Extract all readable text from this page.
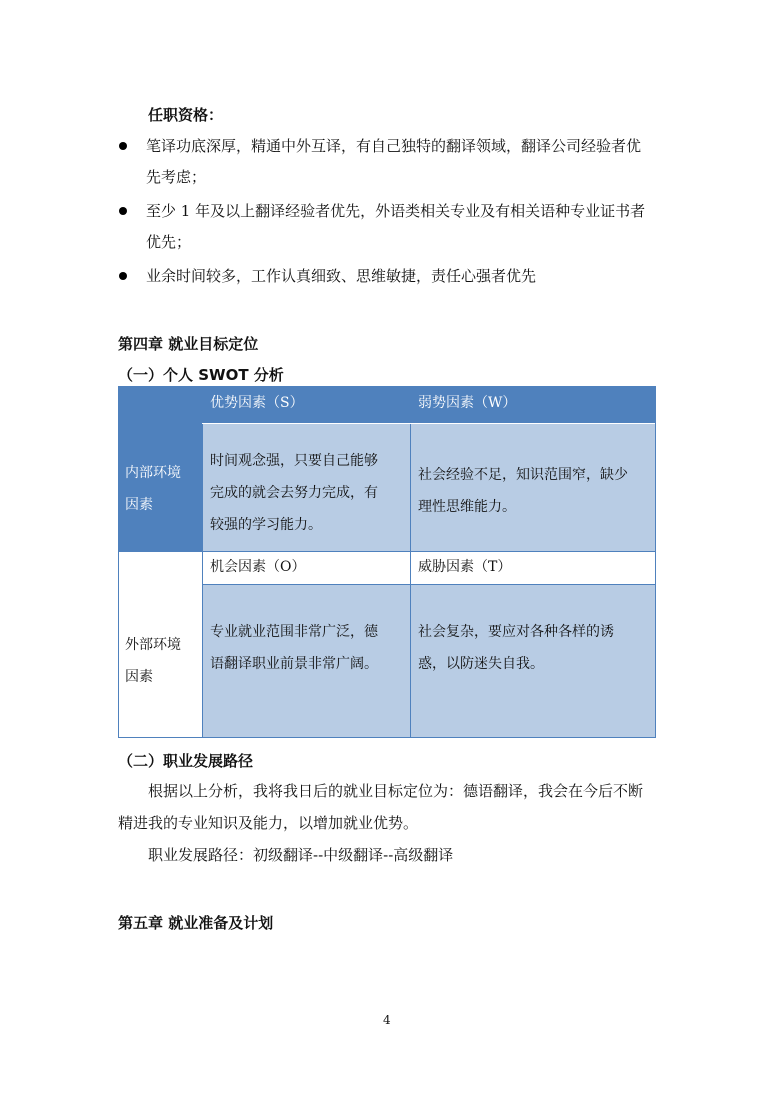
任职资格：
笔译功底深厚，精通中外互译，有自己独特的翻译领域，翻译公司经验者优
先考虑；
至少 1 年及以上翻译经验者优先，外语类相关专业及有相关语种专业证书者
优先；
业余时间较多，工作认真细致、思维敏捷，责任心强者优先
第四章 就业目标定位
（一）个人 SWOT 分析
内部环境
因素
优势因素（S）	弱势因素（W）
时间观念强，只要自己能够
完成的就会去努力完成，有
较强的学习能力。
社会经验不足，知识范围窄，缺少
理性思维能力。
外部环境
因素
机会因素（O）	威胁因素（T）
专业就业范围非常广泛，德
语翻译职业前景非常广阔。
社会复杂，要应对各种各样的诱
惑，以防迷失自我。
（二）职业发展路径
根据以上分析，我将我日后的就业目标定位为：德语翻译，我会在今后不断
精进我的专业知识及能力，以增加就业优势。
职业发展路径：初级翻译--中级翻译--高级翻译
第五章 就业准备及计划
4
